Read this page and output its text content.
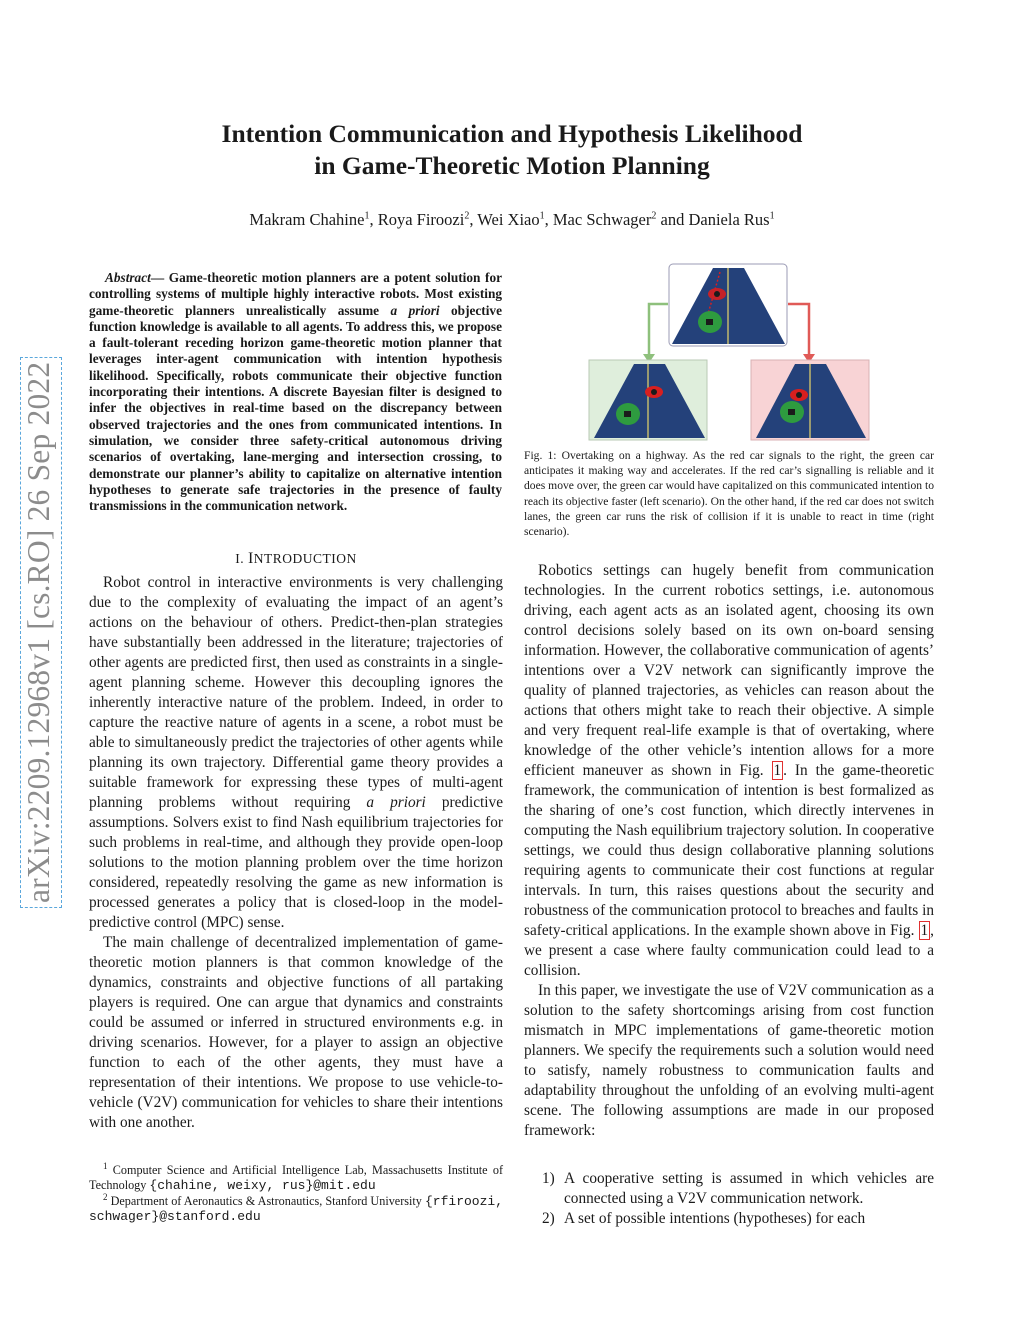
Intention Communication and Hypothesis Likelihood
in Game-Theoretic Motion Planning
Makram Chahine$^1$, Roya Firoozi$^2$, Wei Xiao$^1$, Mac Schwager$^2$ and Daniela Rus$^1$
arXiv:2209.12968v1 [cs.RO] 26 Sep 2022
Abstract— Game-theoretic motion planners are a potent solution for controlling systems of multiple highly interactive robots. Most existing game-theoretic planners unrealistically assume a priori objective function knowledge is available to all agents. To address this, we propose a fault-tolerant receding horizon game-theoretic motion planner that leverages inter-agent communication with intention hypothesis likelihood. Specifically, robots communicate their objective function incorporating their intentions. A discrete Bayesian filter is designed to infer the objectives in real-time based on the discrepancy between observed trajectories and the ones from communicated intentions. In simulation, we consider three safety-critical autonomous driving scenarios of overtaking, lane-merging and intersection crossing, to demonstrate our planner’s ability to capitalize on alternative intention hypotheses to generate safe trajectories in the presence of faulty transmissions in the communication network.
I. INTRODUCTION

Robot control in interactive environments is very challenging due to the complexity of evaluating the impact of an agent’s actions on the behaviour of others. Predict-then-plan strategies have substantially been addressed in the literature; trajectories of other agents are predicted first, then used as constraints in a single-agent planning scheme. However this decoupling ignores the inherently interactive nature of the problem. Indeed, in order to capture the reactive nature of agents in a scene, a robot must be able to simultaneously predict the trajectories of other agents while planning its own trajectory. Differential game theory provides a suitable framework for expressing these types of multi-agent planning problems without requiring a priori predictive assumptions. Solvers exist to find Nash equilibrium trajectories for such problems in real-time, and although they provide open-loop solutions to the motion planning problem over the time horizon considered, repeatedly resolving the game as new information is processed generates a policy that is closed-loop in the model-predictive control (MPC) sense.

The main challenge of decentralized implementation of game-theoretic motion planners is that common knowledge of the dynamics, constraints and objective functions of all partaking players is required. One can argue that dynamics and constraints could be assumed or inferred in structured environments e.g. in driving scenarios. However, for a player to assign an objective function to each of the other agents, they must have a representation of their intentions. We propose to use vehicle-to-vehicle (V2V) communication for vehicles to share their intentions with one another.

$^1$ Computer Science and Artificial Intelligence Lab, Massachusetts Institute of Technology {chahine, weixy, rus}@mit.edu
$^2$ Department of Aeronautics & Astronautics, Stanford University {rfiroozi, schwager}@stanford.edu
Fig. 1: Overtaking on a highway. As the red car signals to the right, the green car anticipates it making way and accelerates. If the red car’s signalling is reliable and it does move over, the green car would have capitalized on this communicated intention to reach its objective faster (left scenario). On the other hand, if the red car does not switch lanes, the green car runs the risk of collision if it is unable to react in time (right scenario).

Robotics settings can hugely benefit from communication technologies. In the current robotics settings, i.e. autonomous driving, each agent acts as an isolated agent, choosing its own control decisions solely based on its own on-board sensing information. However, the collaborative communication of agents’ intentions over a V2V network can significantly improve the quality of planned trajectories, as vehicles can reason about the actions that others might take to reach their objective. A simple and very frequent real-life example is that of overtaking, where knowledge of the other vehicle’s intention allows for a more efficient maneuver as shown in Fig. 1 . In the game-theoretic framework, the communication of intention is best formalized as the sharing of one’s cost function, which directly intervenes in computing the Nash equilibrium trajectory solution. In cooperative settings, we could thus design collaborative planning solutions requiring agents to communicate their cost functions at regular intervals. In turn, this raises questions about the security and robustness of the communication protocol to breaches and faults in safety-critical applications. In the example shown above in Fig. 1 , we present a case where faulty communication could lead to a collision.

In this paper, we investigate the use of V2V communication as a solution to the safety shortcomings arising from cost function mismatch in MPC implementations of game-theoretic motion planners. We specify the requirements such a solution would need to satisfy, namely robustness to communication faults and adaptability throughout the unfolding of an evolving multi-agent scene. The following assumptions are made in our proposed framework:

1) A cooperative setting is assumed in which vehicles are connected using a V2V communication network.
2) A set of possible intentions (hypotheses) for each
